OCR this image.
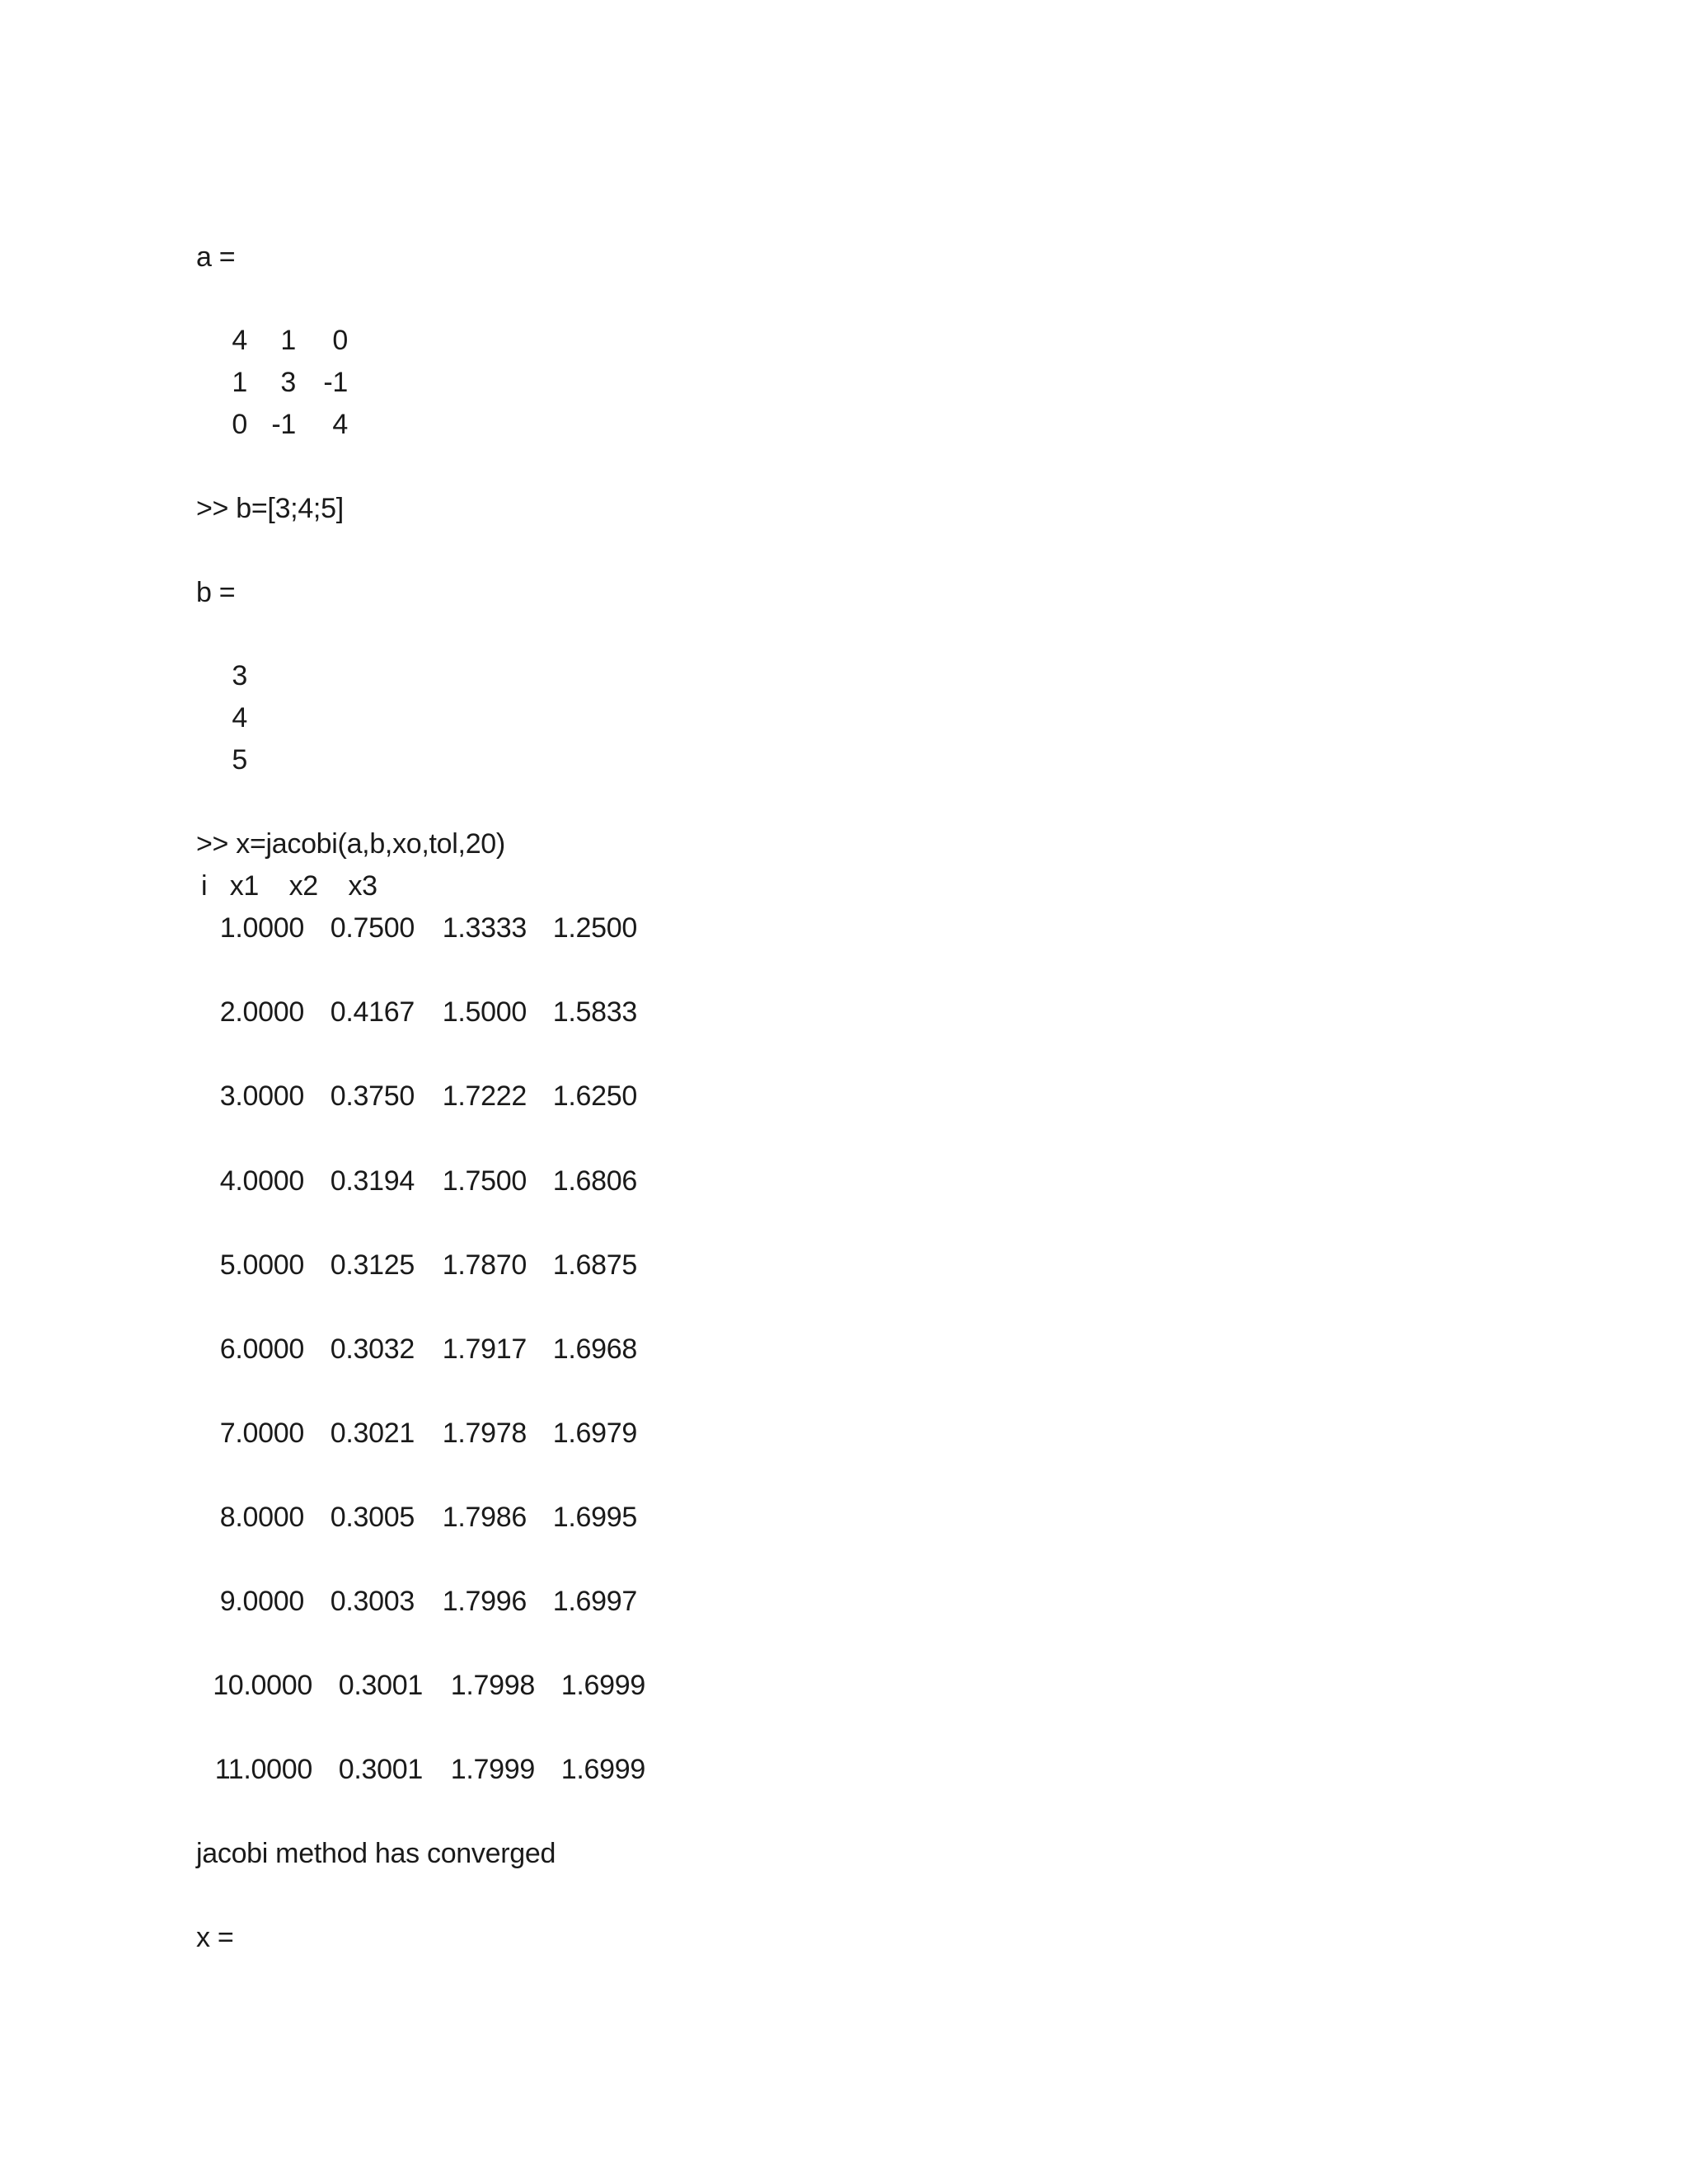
a =
4	1	0
1	3 -1
0 -1	4
>> b=[3;4;5]
b =
3
4
5
>> x=jacobi(a,b,xo,tol,20)
i   x1    x2    x3
1.0000 0.7500 1.3333 1.2500
2.0000 0.4167 1.5000 1.5833
3.0000 0.3750 1.7222 1.6250
4.0000 0.3194 1.7500 1.6806
5.0000 0.3125 1.7870 1.6875
6.0000 0.3032 1.7917 1.6968
7.0000 0.3021 1.7978 1.6979
8.0000 0.3005 1.7986 1.6995
9.0000 0.3003 1.7996 1.6997
10.0000 0.3001 1.7998 1.6999
11.0000 0.3001 1.7999 1.6999
jacobi method has converged
x =
